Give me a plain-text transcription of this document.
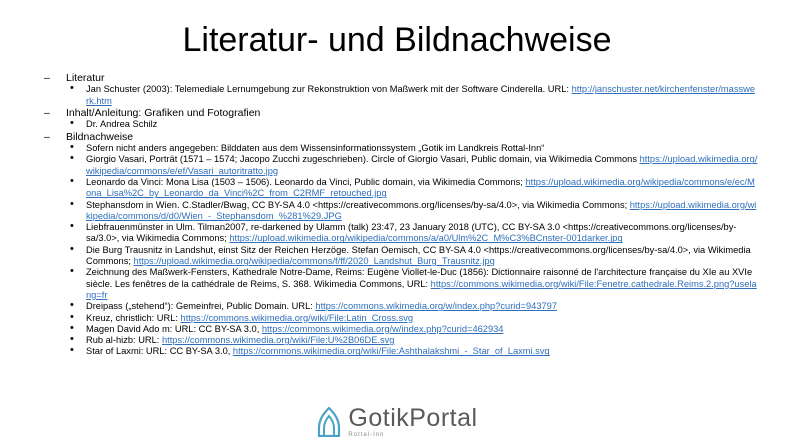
Literatur- und Bildnachweise
– Literatur
• Jan Schuster (2003): Telemediale Lernumgebung zur Rekonstruktion von Maßwerk mit der Software Cinderella. URL: http://janschuster.net/kirchenfenster/masswerk.htm
– Inhalt/Anleitung: Grafiken und Fotografien
• Dr. Andrea Schilz
– Bildnachweise
• Sofern nicht anders angegeben: Bilddaten aus dem Wissensinformationssystem „Gotik im Landkreis Rottal-Inn“
• Giorgio Vasari, Porträt (1571 – 1574; Jacopo Zucchi zugeschrieben). Circle of Giorgio Vasari, Public domain, via Wikimedia Commons https://upload.wikimedia.org/wikipedia/commons/e/ef/Vasari_autoritratto.jpg
• Leonardo da Vinci: Mona Lisa (1503 – 1506). Leonardo da Vinci, Public domain, via Wikimedia Commons; https://upload.wikimedia.org/wikipedia/commons/e/ec/Mona_Lisa%2C_by_Leonardo_da_Vinci%2C_from_C2RMF_retouched.jpg
• Stephansdom in Wien. C.Stadler/Bwag, CC BY-SA 4.0 <https://creativecommons.org/licenses/by-sa/4.0>, via Wikimedia Commons; https://upload.wikimedia.org/wikipedia/commons/d/d0/Wien_-_Stephansdom_%281%29.JPG
• Liebfrauenmünster in Ulm. Tilman2007, re-darkened by Ulamm (talk) 23:47, 23 January 2018 (UTC), CC BY-SA 3.0 <https://creativecommons.org/licenses/by-sa/3.0>, via Wikimedia Commons; https://upload.wikimedia.org/wikipedia/commons/a/a0/Ulm%2C_M%C3%BCnster-001darker.jpg
• Die Burg Trausnitz in Landshut, einst Sitz der Reichen Herzöge. Stefan Oemisch, CC BY-SA 4.0 <https://creativecommons.org/licenses/by-sa/4.0>, via Wikimedia Commons; https://upload.wikimedia.org/wikipedia/commons/f/ff/2020_Landshut_Burg_Trausnitz.jpg
• Zeichnung des Maßwerk-Fensters, Kathedrale Notre-Dame, Reims: Eugène Viollet-le-Duc (1856): Dictionnaire raisonné de l'architecture française du XIe au XVIe siècle. Les fenêtres de la cathédrale de Reims, S. 368. Wikimedia Commons, URL: https://commons.wikimedia.org/wiki/File:Fenetre.cathedrale.Reims.2.png?uselang=fr
• Dreipass („stehend“): Gemeinfrei, Public Domain. URL: https://commons.wikimedia.org/w/index.php?curid=943797
• Kreuz, christlich: URL: https://commons.wikimedia.org/wiki/File:Latin_Cross.svg
• Magen David Ado m: URL: CC BY-SA 3.0, https://commons.wikimedia.org/w/index.php?curid=462934
• Rub al-hizb: URL: https://commons.wikimedia.org/wiki/File:U%2B06DE.svg
• Star of Laxmi: URL: CC BY-SA 3.0, https://commons.wikimedia.org/wiki/File:Ashthalakshmi_-_Star_of_Laxmi.svg
GotikPortal
Rottal-Inn
